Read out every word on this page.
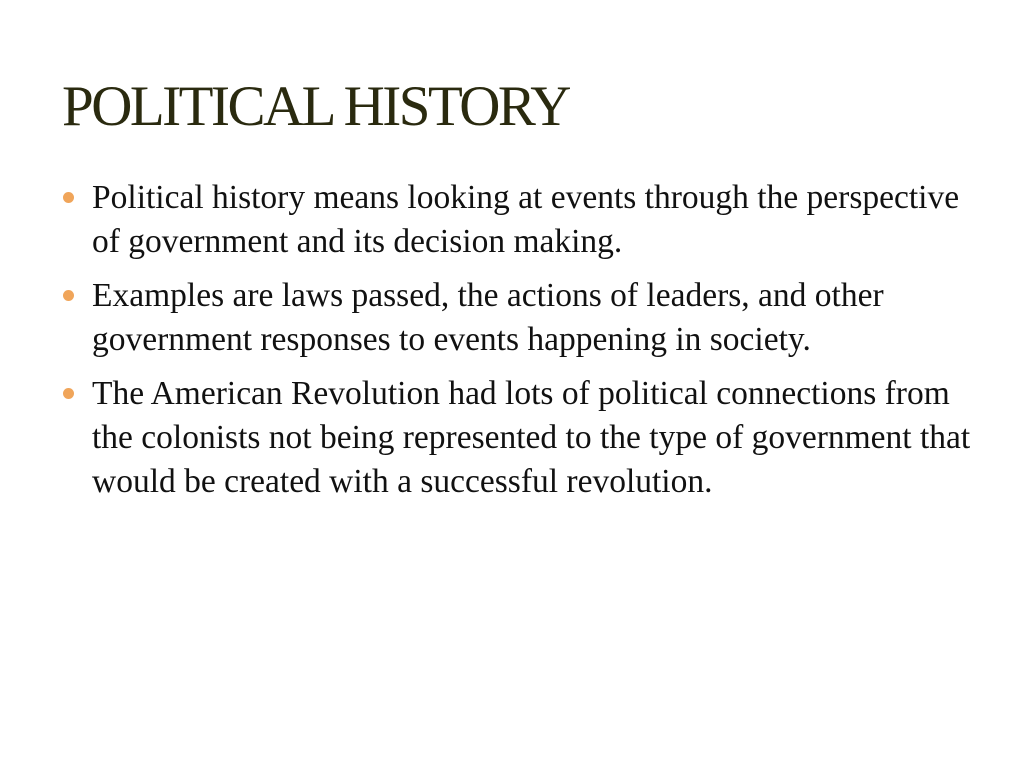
POLITICAL HISTORY
Political history means looking at events through the perspective of government and its decision making.
Examples are laws passed, the actions of leaders, and other government responses to events happening in society.
The American Revolution had lots of political connections from the colonists not being represented to the type of government that would be created with a successful revolution.
